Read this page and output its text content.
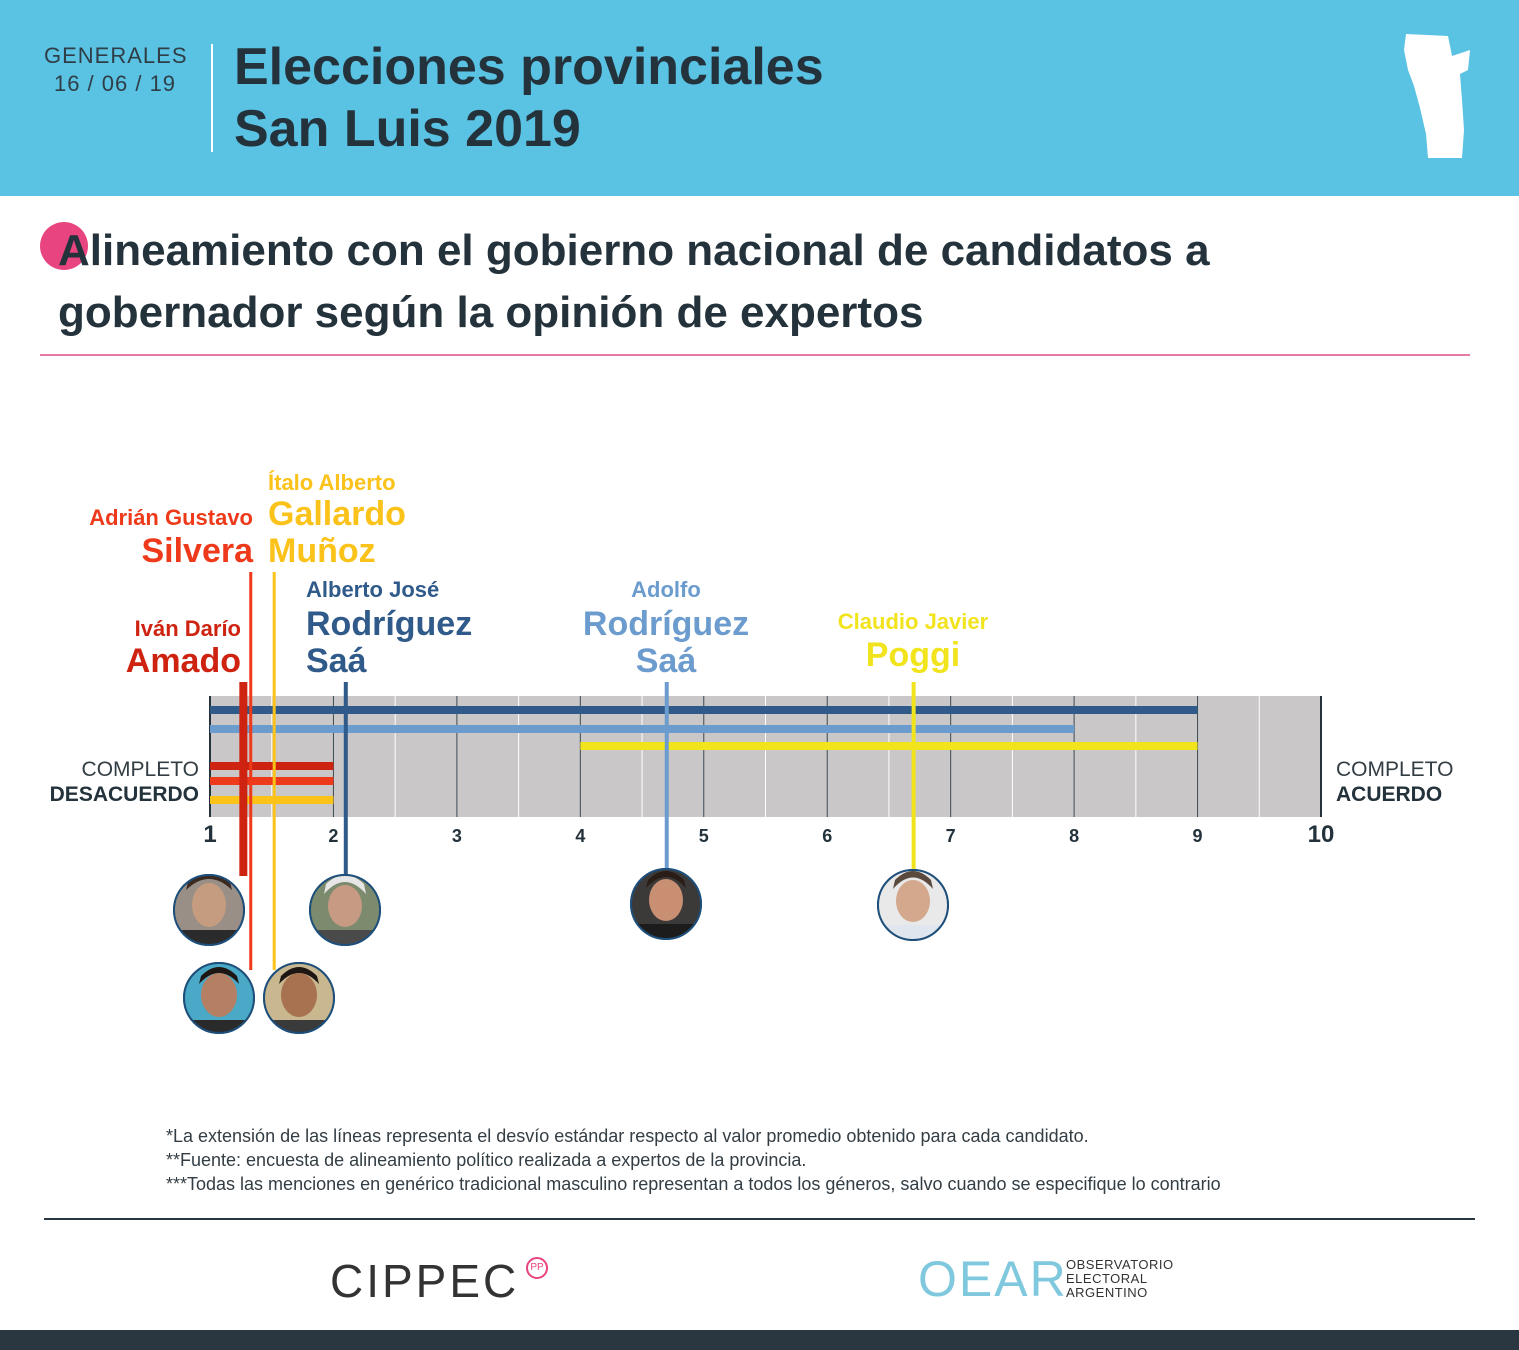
GENERALES
16 / 06 / 19 Elecciones provinciales
San Luis 2019
Alineamiento con el gobierno nacional de candidatos a
gobernador según la opinión de expertos
1	2	3	4	5	6	7	8	9	10
COMPLETO
DESACUERDO
COMPLETO
ACUERDO
Adrián Gustavo
Silvera
Ítalo Alberto
Gallardo Muñoz
Iván Darío
Amado
Alberto José
Rodríguez Saá
Adolfo
Rodríguez Saá
Claudio Javier
Poggi
*La extensión de las líneas representa el desvío estándar respecto al valor promedio obtenido para cada candidato.
**Fuente: encuesta de alineamiento político realizada a expertos de la provincia.
***Todas las menciones en genérico tradicional masculino representan a todos los géneros, salvo cuando se especifique lo contrario
CIPPEC	PP	OEAR
OBSERVATORIO
ELECTORAL
ARGENTINO
